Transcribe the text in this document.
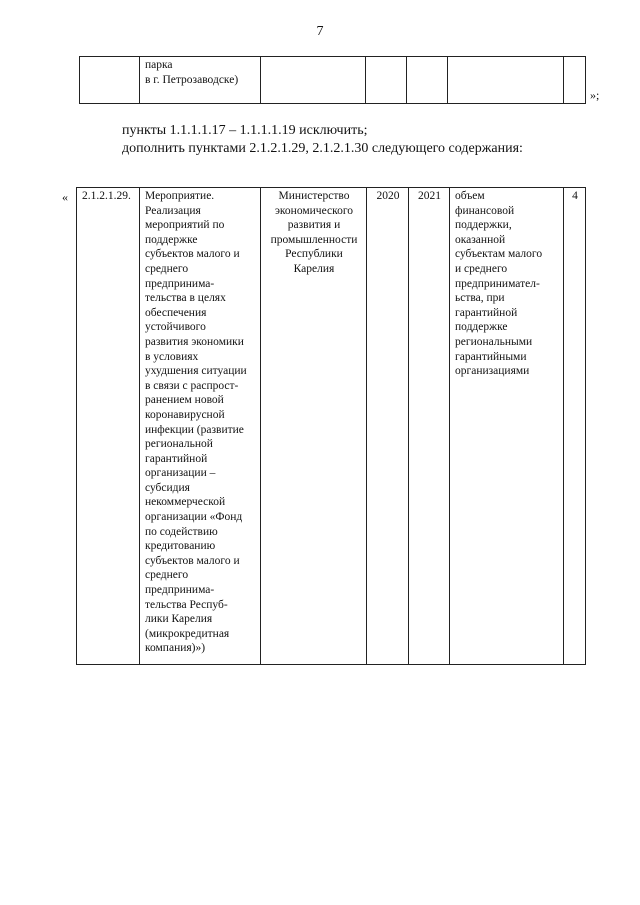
7
	парка
в г. Петрозаводске)					
»;
пункты 1.1.1.1.17 – 1.1.1.1.19 исключить;
дополнить пунктами 2.1.2.1.29, 2.1.2.1.30 следующего содержания:
« 2.1.2.1.29.	Мероприятие.
Реализация
мероприятий по
поддержке
субъектов малого и
среднего
предпринима-
тельства в целях
обеспечения
устойчивого
развития экономики
в условиях
ухудшения ситуации
в связи с распрост-
ранением новой
коронавирусной
инфекции (развитие
региональной
гарантийной
организации –
субсидия
некоммерческой
организации «Фонд
по содействию
кредитованию
субъектов малого и
среднего
предпринима-
тельства Респуб-
лики Карелия
(микрокредитная
компания)»)	Министерство
экономического
развития и
промышленности
Республики
Карелия	2020	2021	объем
финансовой
поддержки,
оказанной
субъектам малого
и среднего
предпринимател-
ьства, при
гарантийной
поддержке
региональными
гарантийными
организациями	4
